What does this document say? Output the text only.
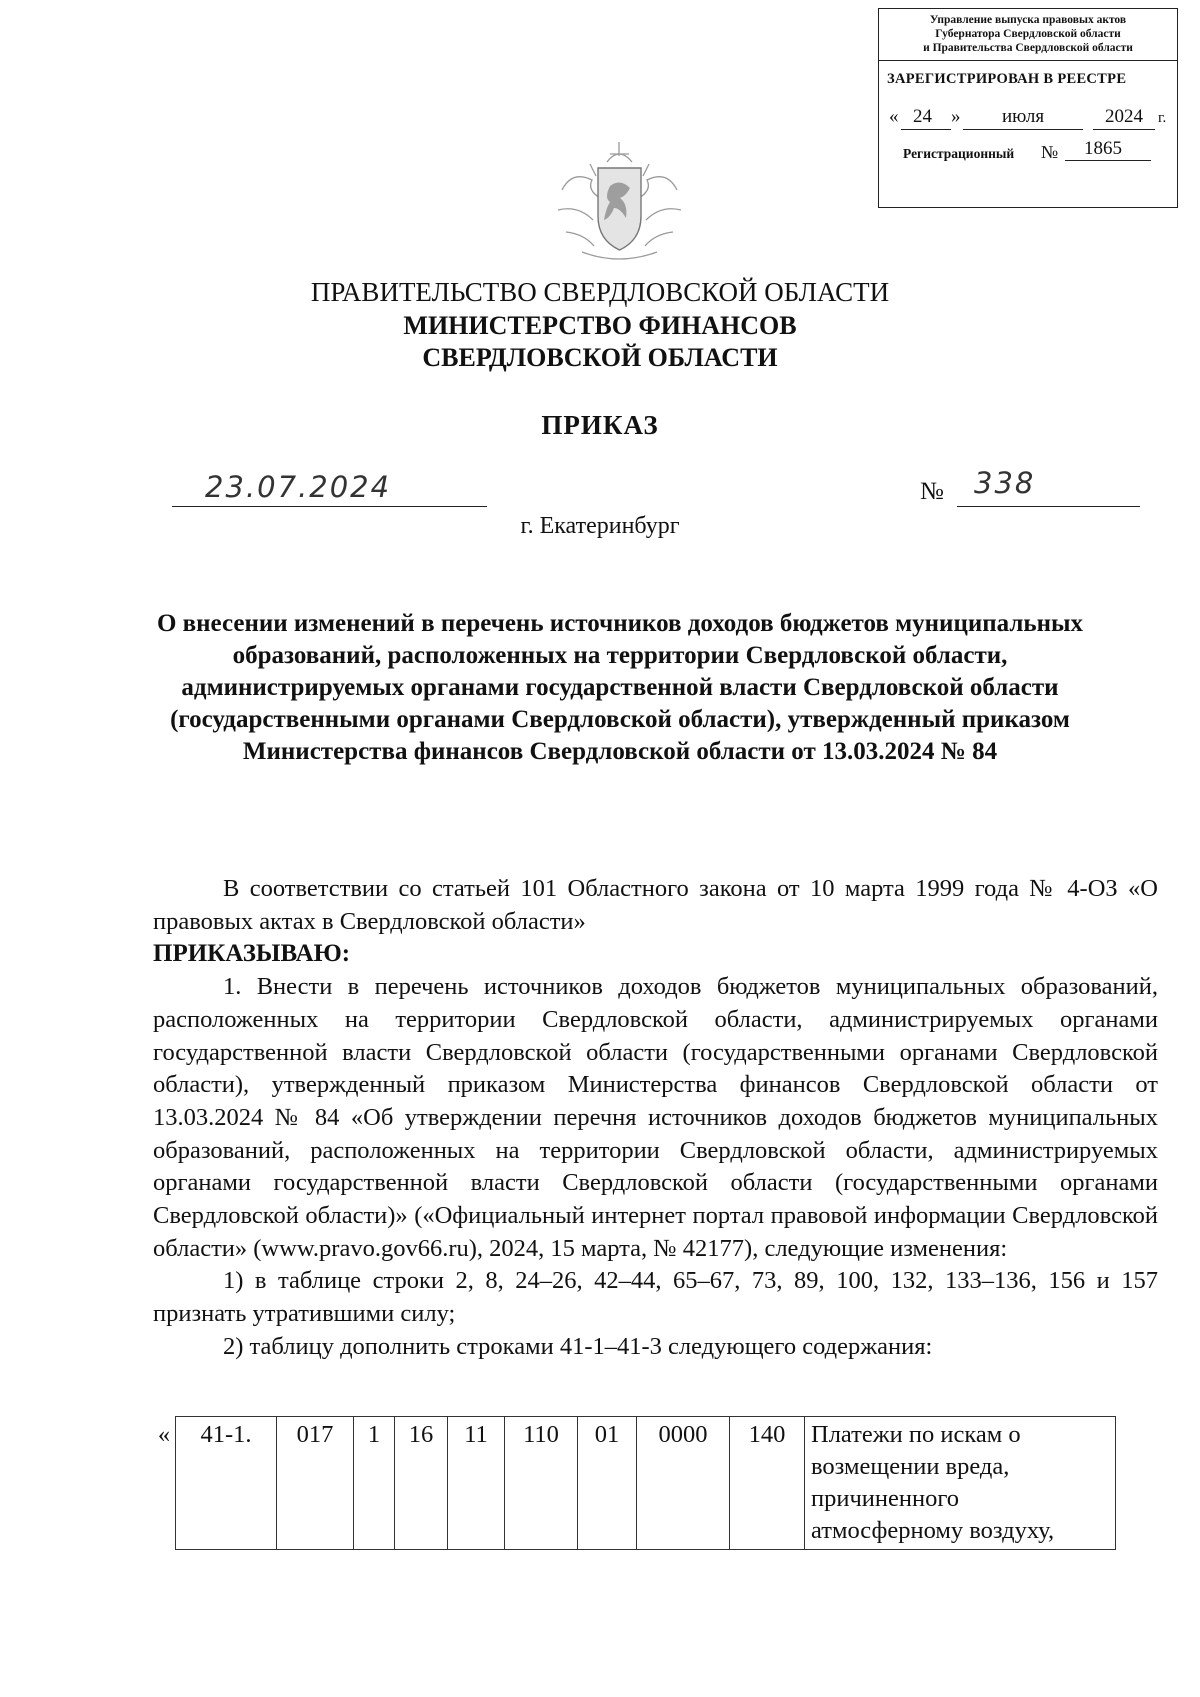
Управление выпуска правовых актов
Губернатора Свердловской области
и Правительства Свердловской области
ЗАРЕГИСТРИРОВАН В РЕЕСТРЕ
« 24 » июля	2024 г.
Регистрационный № 1865
ПРАВИТЕЛЬСТВО СВЕРДЛОВСКОЙ ОБЛАСТИ
МИНИСТЕРСТВО ФИНАНСОВ
СВЕРДЛОВСКОЙ ОБЛАСТИ
ПРИКАЗ
23.07.2024	№ 338
г. Екатеринбург
О внесении изменений в перечень источников доходов бюджетов муниципальных образований, расположенных на территории Свердловской области, администрируемых органами государственной власти Свердловской области (государственными органами Свердловской области), утвержденный приказом Министерства финансов Свердловской области от 13.03.2024 № 84

В соответствии со статьей 101 Областного закона от 10 марта 1999 года № 4-ОЗ «О правовых актах в Свердловской области»

ПРИКАЗЫВАЮ:

1. Внести в перечень источников доходов бюджетов муниципальных образований, расположенных на территории Свердловской области, администрируемых органами государственной власти Свердловской области (государственными органами Свердловской области), утвержденный приказом Министерства финансов Свердловской области от 13.03.2024 № 84 «Об утверждении перечня источников доходов бюджетов муниципальных образований, расположенных на территории Свердловской области, администрируемых органами государственной власти Свердловской области (государственными органами Свердловской области)» («Официальный интернет портал правовой информации Свердловской области» (www.pravo.gov66.ru), 2024, 15 марта, № 42177), следующие изменения:

1) в таблице строки 2, 8, 24–26, 42–44, 65–67, 73, 89, 100, 132, 133–136, 156 и 157 признать утратившими силу;

2) таблицу дополнить строками 41-1–41-3 следующего содержания:

«	41-1.	017	1	16	11	110	01	0000	140	Платежи по искам о возмещении вреда, причиненного атмосферному воздуху,
